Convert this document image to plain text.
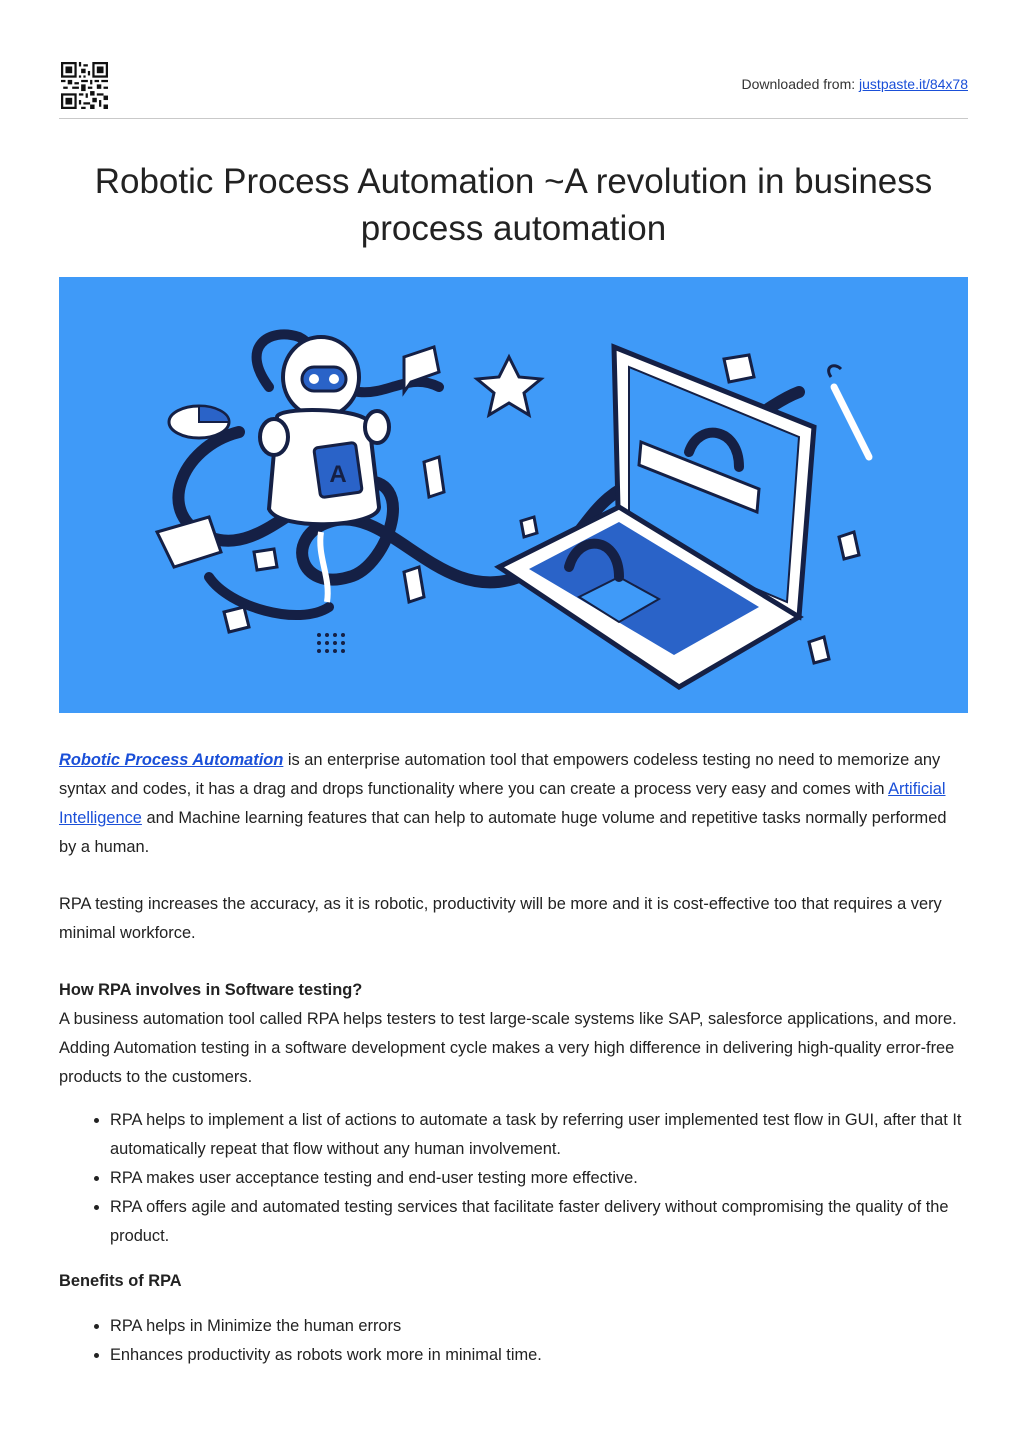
Downloaded from: justpaste.it/84x78
Robotic Process Automation ~A revolution in business process automation
A

Robotic Process Automation is an enterprise automation tool that empowers codeless testing no need to memorize any syntax and codes, it has a drag and drops functionality where you can create a process very easy and comes with Artificial Intelligence and Machine learning features that can help to automate huge volume and repetitive tasks normally performed by a human.

RPA testing increases the accuracy, as it is robotic, productivity will be more and it is cost-effective too that requires a very minimal workforce.

How RPA involves in Software testing?

A business automation tool called RPA helps testers to test large-scale systems like SAP, salesforce applications, and more.

Adding Automation testing in a software development cycle makes a very high difference in delivering high-quality error-free products to the customers.

• RPA helps to implement a list of actions to automate a task by referring user implemented test flow in GUI, after that It automatically repeat that flow without any human involvement.
• RPA makes user acceptance testing and end-user testing more effective.
• RPA offers agile and automated testing services that facilitate faster delivery without compromising the quality of the product.

Benefits of RPA

• RPA helps in Minimize the human errors
• Enhances productivity as robots work more in minimal time.
